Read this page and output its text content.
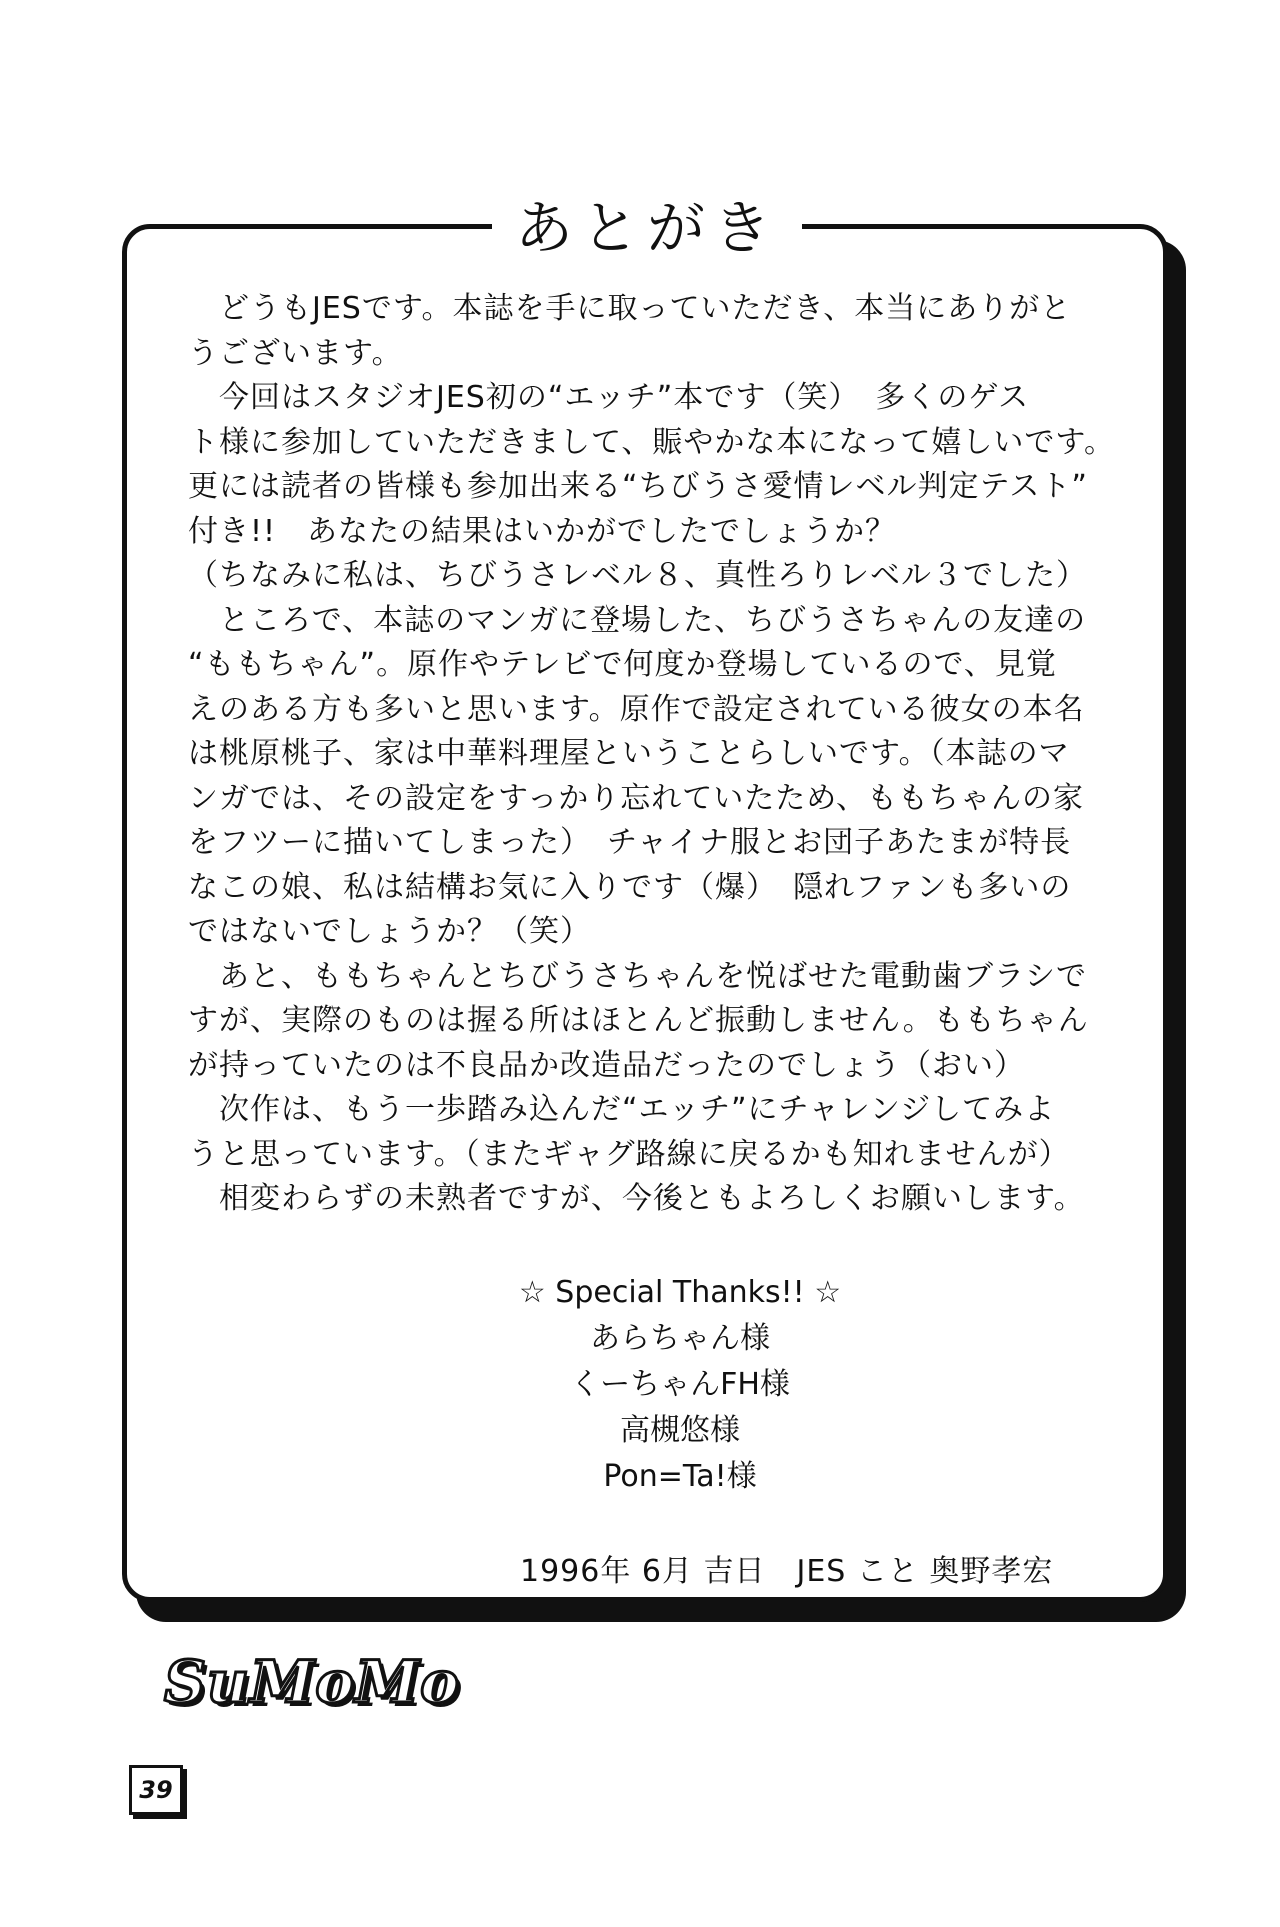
あとがき
　どうもJESです。本誌を手に取っていただき、本当にありがと
うございます。
　今回はスタジオJES初の“エッチ”本です（笑）　多くのゲス
ト様に参加していただきまして、賑やかな本になって嬉しいです。
更には読者の皆様も参加出来る“ちびうさ愛情レベル判定テスト”
付き!!　あなたの結果はいかがでしたでしょうか？
（ちなみに私は、ちびうさレベル８、真性ろりレベル３でした）
　ところで、本誌のマンガに登場した、ちびうさちゃんの友達の
“ももちゃん”。原作やテレビで何度か登場しているので、見覚
えのある方も多いと思います。原作で設定されている彼女の本名
は桃原桃子、家は中華料理屋ということらしいです。（本誌のマ
ンガでは、その設定をすっかり忘れていたため、ももちゃんの家
をフツーに描いてしまった）　チャイナ服とお団子あたまが特長
なこの娘、私は結構お気に入りです（爆）　隠れファンも多いの
ではないでしょうか？（笑）
　あと、ももちゃんとちびうさちゃんを悦ばせた電動歯ブラシで
すが、実際のものは握る所はほとんど振動しません。ももちゃん
が持っていたのは不良品か改造品だったのでしょう（おい）
　次作は、もう一歩踏み込んだ“エッチ”にチャレンジしてみよ
うと思っています。（またギャグ路線に戻るかも知れませんが）
　相変わらずの未熟者ですが、今後ともよろしくお願いします。
☆ Special Thanks!! ☆
あらちゃん様
くーちゃんFH様
高槻悠様
Pon=Ta!様
1996年 6月 吉日　JES こと 奥野孝宏
SuMoMo
39
